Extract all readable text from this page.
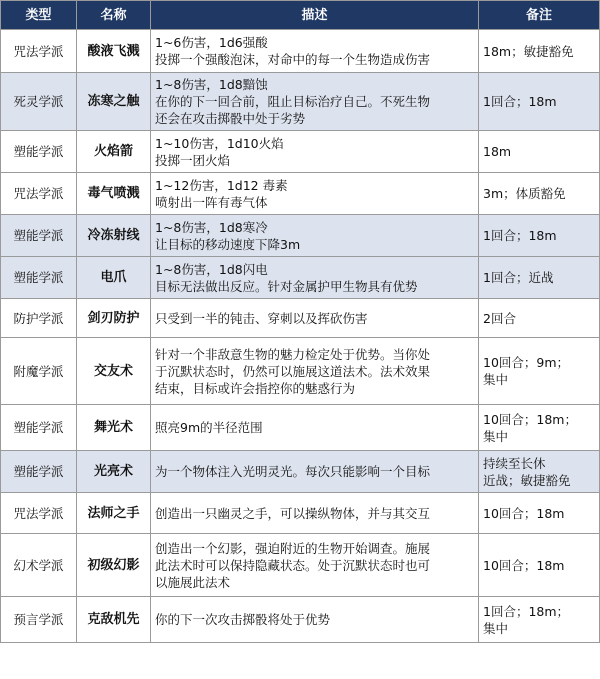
类型	名称	描述	备注
咒法学派	酸液飞溅	1~6伤害，1d6强酸
投掷一个强酸泡沫，对命中的每一个生物造成伤害	18m；敏捷豁免

死灵学派	冻寒之触	1~8伤害，1d8黯蚀
在你的下一回合前，阻止目标治疗自己。不死生物
还会在攻击掷骰中处于劣势	1回合；18m

塑能学派	火焰箭	1~10伤害，1d10火焰
投掷一团火焰	18m

咒法学派	毒气喷溅	1~12伤害，1d12 毒素
喷射出一阵有毒气体	3m；体质豁免

塑能学派	冷冻射线	1~8伤害，1d8寒冷
让目标的移动速度下降3m	1回合；18m

塑能学派	电爪	1~8伤害，1d8闪电
目标无法做出反应。针对金属护甲生物具有优势	1回合；近战

防护学派	剑刃防护	只受到一半的钝击、穿刺以及挥砍伤害	2回合

附魔学派	交友术	针对一个非敌意生物的魅力检定处于优势。当你处
于沉默状态时，仍然可以施展这道法术。法术效果
结束，目标或许会指控你的魅惑行为	10回合；9m；
集中

塑能学派	舞光术	照亮9m的半径范围	10回合；18m；
集中

塑能学派	光亮术	为一个物体注入光明灵光。每次只能影响一个目标	持续至长休
近战；敏捷豁免

咒法学派	法师之手	创造出一只幽灵之手，可以操纵物体，并与其交互	10回合；18m

幻术学派	初级幻影	创造出一个幻影，强迫附近的生物开始调查。施展
此法术时可以保持隐藏状态。处于沉默状态时也可
以施展此法术	10回合；18m

预言学派	克敌机先	你的下一次攻击掷骰将处于优势	1回合；18m；
集中
